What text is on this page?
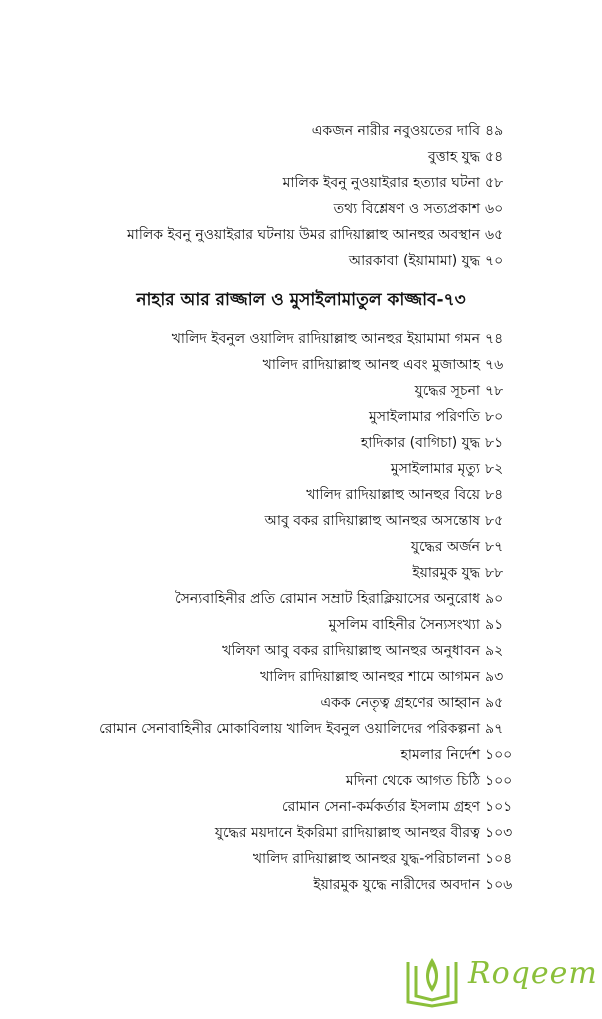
একজন নারীর নবুওয়তের দাবি ৪৯
বুত্তাহ যুদ্ধ ৫৪
মালিক ইবনু নুওয়াইরার হত্যার ঘটনা ৫৮
তথ্য বিশ্লেষণ ও সত্যপ্রকাশ ৬০
মালিক ইবনু নুওয়াইরার ঘটনায় উমর রাদিয়াল্লাহু আনহুর অবস্থান ৬৫
আরকাবা (ইয়ামামা) যুদ্ধ ৭০
নাহার আর রাজ্জাল ও মুসাইলামাতুল কাজ্জাব-৭৩
খালিদ ইবনুল ওয়ালিদ রাদিয়াল্লাহু আনহুর ইয়ামামা গমন ৭৪
খালিদ রাদিয়াল্লাহু আনহু এবং মুজাআহ ৭৬
যুদ্ধের সূচনা ৭৮
মুসাইলামার পরিণতি ৮০
হাদিকার (বাগিচা) যুদ্ধ ৮১
মুসাইলামার মৃত্যু ৮২
খালিদ রাদিয়াল্লাহু আনহুর বিয়ে ৮৪
আবু বকর রাদিয়াল্লাহু আনহুর অসন্তোষ ৮৫
যুদ্ধের অর্জন ৮৭
ইয়ারমুক যুদ্ধ ৮৮
সৈন্যবাহিনীর প্রতি রোমান সম্রাট হিরাক্লিয়াসের অনুরোধ ৯০
মুসলিম বাহিনীর সৈন্যসংখ্যা ৯১
খলিফা আবু বকর রাদিয়াল্লাহু আনহুর অনুধাবন ৯২
খালিদ রাদিয়াল্লাহু আনহুর শামে আগমন ৯৩
একক নেতৃত্ব গ্রহণের আহ্বান ৯৫
রোমান সেনাবাহিনীর মোকাবিলায় খালিদ ইবনুল ওয়ালিদের পরিকল্পনা ৯৭
হামলার নির্দেশ ১০০
মদিনা থেকে আগত চিঠি ১০০
রোমান সেনা-কর্মকর্তার ইসলাম গ্রহণ ১০১
যুদ্ধের ময়দানে ইকরিমা রাদিয়াল্লাহু আনহুর বীরত্ব ১০৩
খালিদ রাদিয়াল্লাহু আনহুর যুদ্ধ-পরিচালনা ১০৪
ইয়ারমুক যুদ্ধে নারীদের অবদান ১০৬
Roqeem
